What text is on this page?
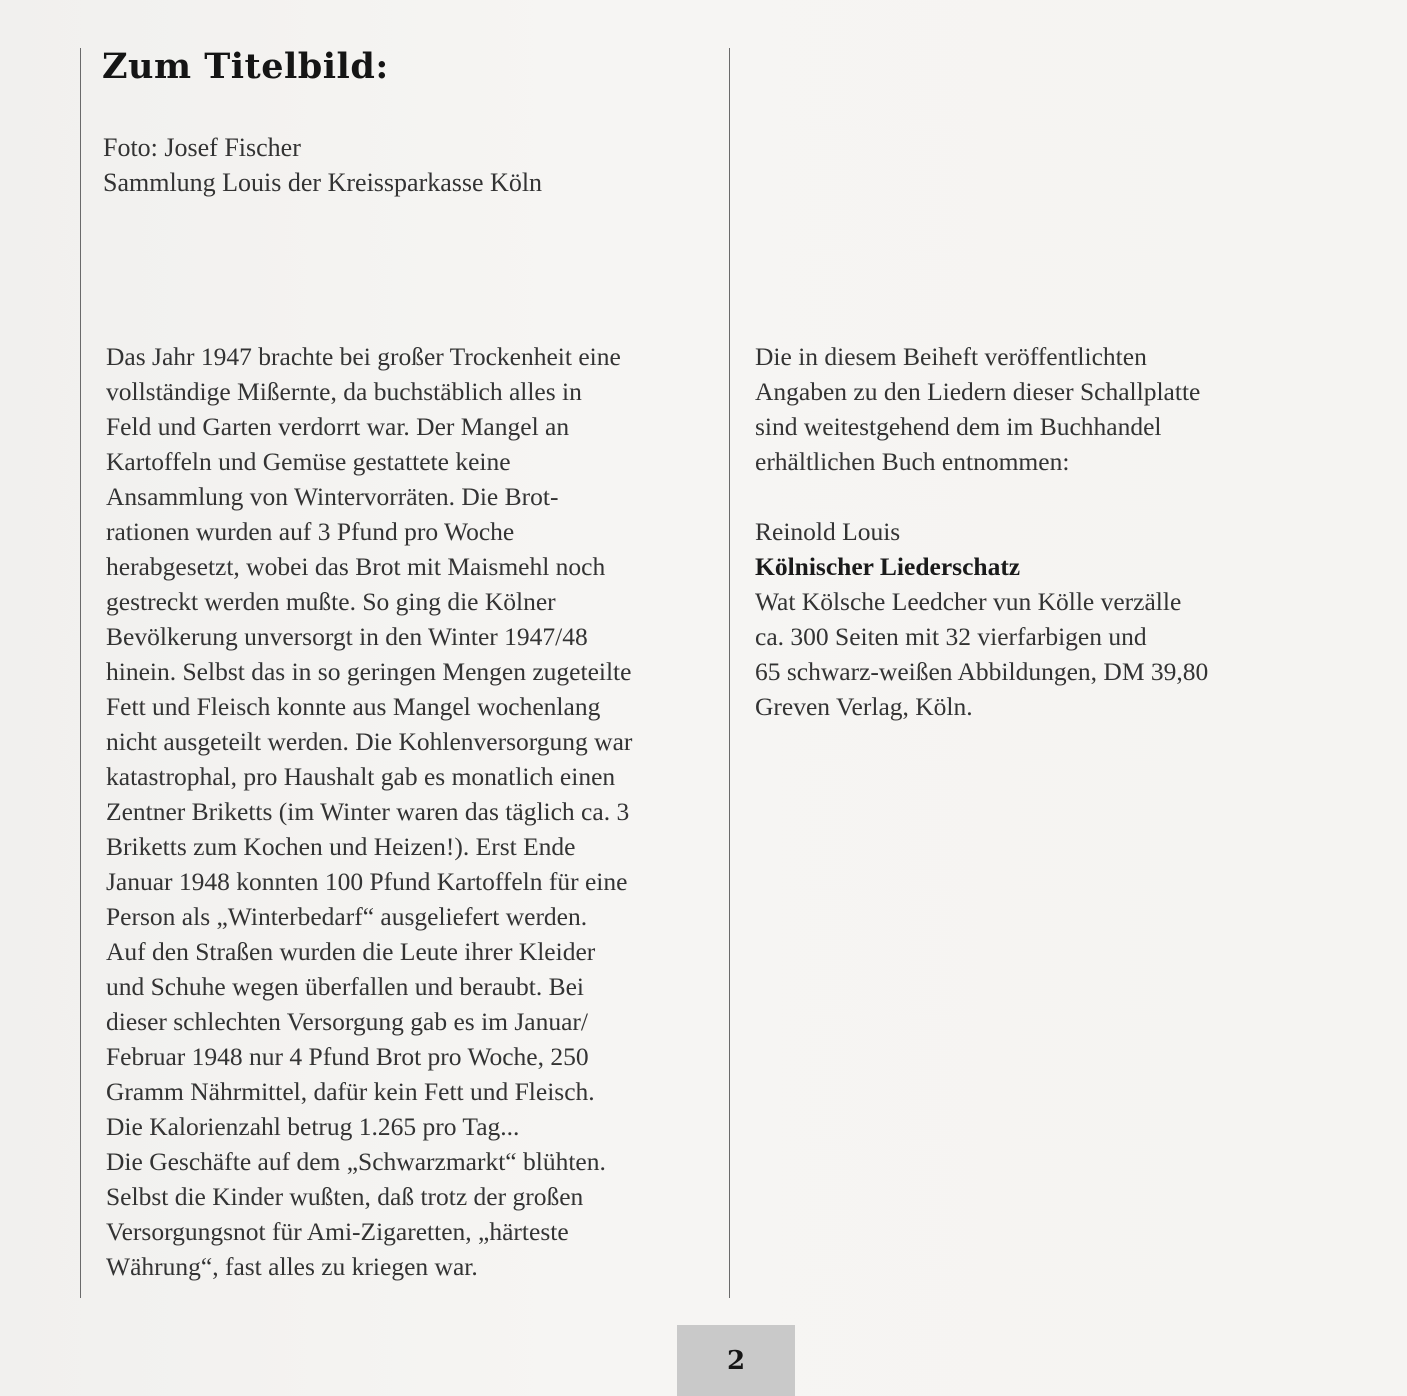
Zum Titelbild:
Foto: Josef Fischer
Sammlung Louis der Kreissparkasse Köln
Das Jahr 1947 brachte bei großer Trockenheit eine
vollständige Mißernte, da buchstäblich alles in
Feld und Garten verdorrt war. Der Mangel an
Kartoffeln und Gemüse gestattete keine
Ansammlung von Wintervorräten. Die Brot-
rationen wurden auf 3 Pfund pro Woche
herabgesetzt, wobei das Brot mit Maismehl noch
gestreckt werden mußte. So ging die Kölner
Bevölkerung unversorgt in den Winter 1947/48
hinein. Selbst das in so geringen Mengen zugeteilte
Fett und Fleisch konnte aus Mangel wochenlang
nicht ausgeteilt werden. Die Kohlenversorgung war
katastrophal, pro Haushalt gab es monatlich einen
Zentner Briketts (im Winter waren das täglich ca. 3
Briketts zum Kochen und Heizen!). Erst Ende
Januar 1948 konnten 100 Pfund Kartoffeln für eine
Person als „Winterbedarf“ ausgeliefert werden.
Auf den Straßen wurden die Leute ihrer Kleider
und Schuhe wegen überfallen und beraubt. Bei
dieser schlechten Versorgung gab es im Januar/
Februar 1948 nur 4 Pfund Brot pro Woche, 250
Gramm Nährmittel, dafür kein Fett und Fleisch.
Die Kalorienzahl betrug 1.265 pro Tag...
Die Geschäfte auf dem „Schwarzmarkt“ blühten.
Selbst die Kinder wußten, daß trotz der großen
Versorgungsnot für Ami-Zigaretten, „härteste
Währung“, fast alles zu kriegen war.
Die in diesem Beiheft veröffentlichten
Angaben zu den Liedern dieser Schallplatte
sind weitestgehend dem im Buchhandel
erhältlichen Buch entnommen:
Reinold Louis
Kölnischer Liederschatz
Wat Kölsche Leedcher vun Kölle verzälle
ca. 300 Seiten mit 32 vierfarbigen und
65 schwarz-weißen Abbildungen, DM 39,80
Greven Verlag, Köln.
2
